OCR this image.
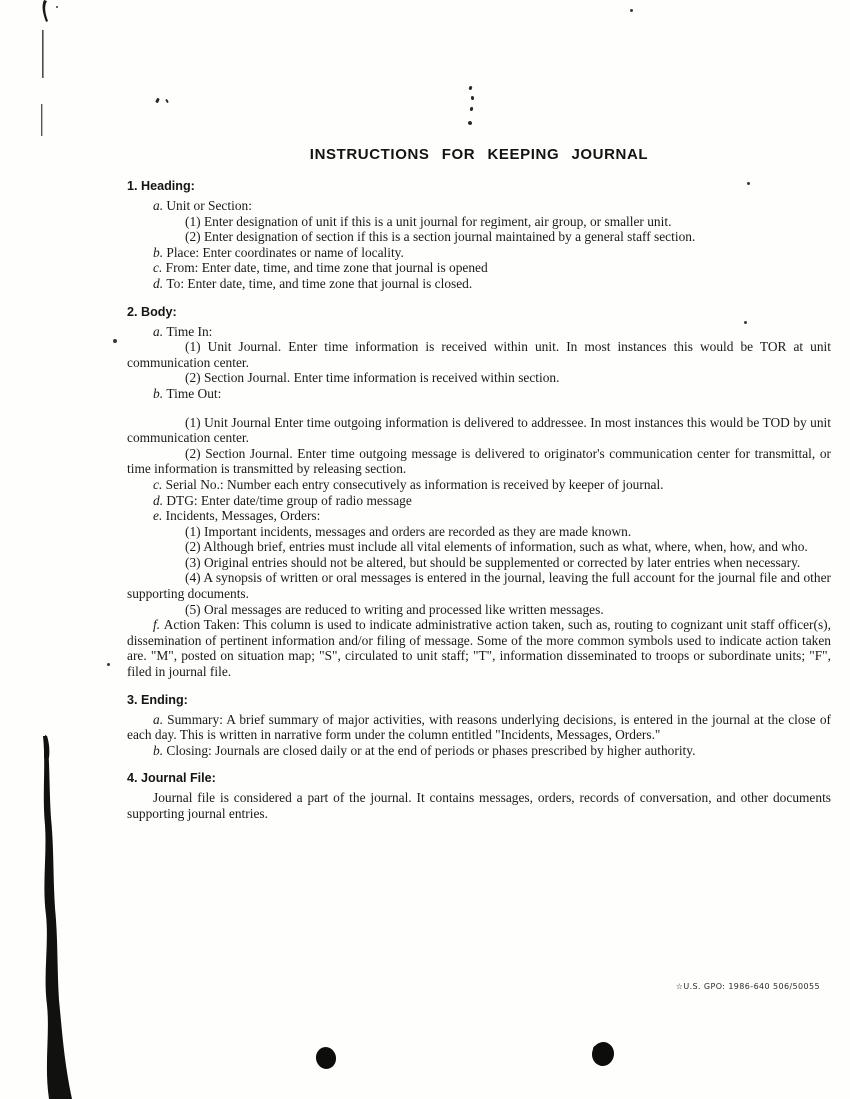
INSTRUCTIONS FOR KEEPING JOURNAL
1. Heading:

a. Unit or Section:

(1) Enter designation of unit if this is a unit journal for regiment, air group, or smaller unit.

(2) Enter designation of section if this is a section journal maintained by a general staff section.

b. Place: Enter coordinates or name of locality.

c. From: Enter date, time, and time zone that journal is opened

d. To: Enter date, time, and time zone that journal is closed.

2. Body:

a. Time In:

(1) Unit Journal. Enter time information is received within unit. In most instances this would be TOR at unit communication center.

(2) Section Journal. Enter time information is received within section.

b. Time Out:

(1) Unit Journal Enter time outgoing information is delivered to addressee. In most instances this would be TOD by unit communication center.

(2) Section Journal. Enter time outgoing message is delivered to originator's communication center for transmittal, or time information is transmitted by releasing section.

c. Serial No.: Number each entry consecutively as information is received by keeper of journal.

d. DTG: Enter date/time group of radio message

e. Incidents, Messages, Orders:

(1) Important incidents, messages and orders are recorded as they are made known.

(2) Although brief, entries must include all vital elements of information, such as what, where, when, how, and who.

(3) Original entries should not be altered, but should be supplemented or corrected by later entries when necessary.

(4) A synopsis of written or oral messages is entered in the journal, leaving the full account for the journal file and other supporting documents.

(5) Oral messages are reduced to writing and processed like written messages.

f. Action Taken: This column is used to indicate administrative action taken, such as, routing to cognizant unit staff officer(s), dissemination of pertinent information and/or filing of message. Some of the more common symbols used to indicate action taken are. "M", posted on situation map; "S", circulated to unit staff; "T", information disseminated to troops or subordinate units; "F", filed in journal file.

3. Ending:

a. Summary: A brief summary of major activities, with reasons underlying decisions, is entered in the journal at the close of each day. This is written in narrative form under the column entitled "Incidents, Messages, Orders."

b. Closing: Journals are closed daily or at the end of periods or phases prescribed by higher authority.

4. Journal File:

Journal file is considered a part of the journal. It contains messages, orders, records of conversation, and other documents supporting journal entries.

☆U.S. GPO: 1986-640 506/50055
